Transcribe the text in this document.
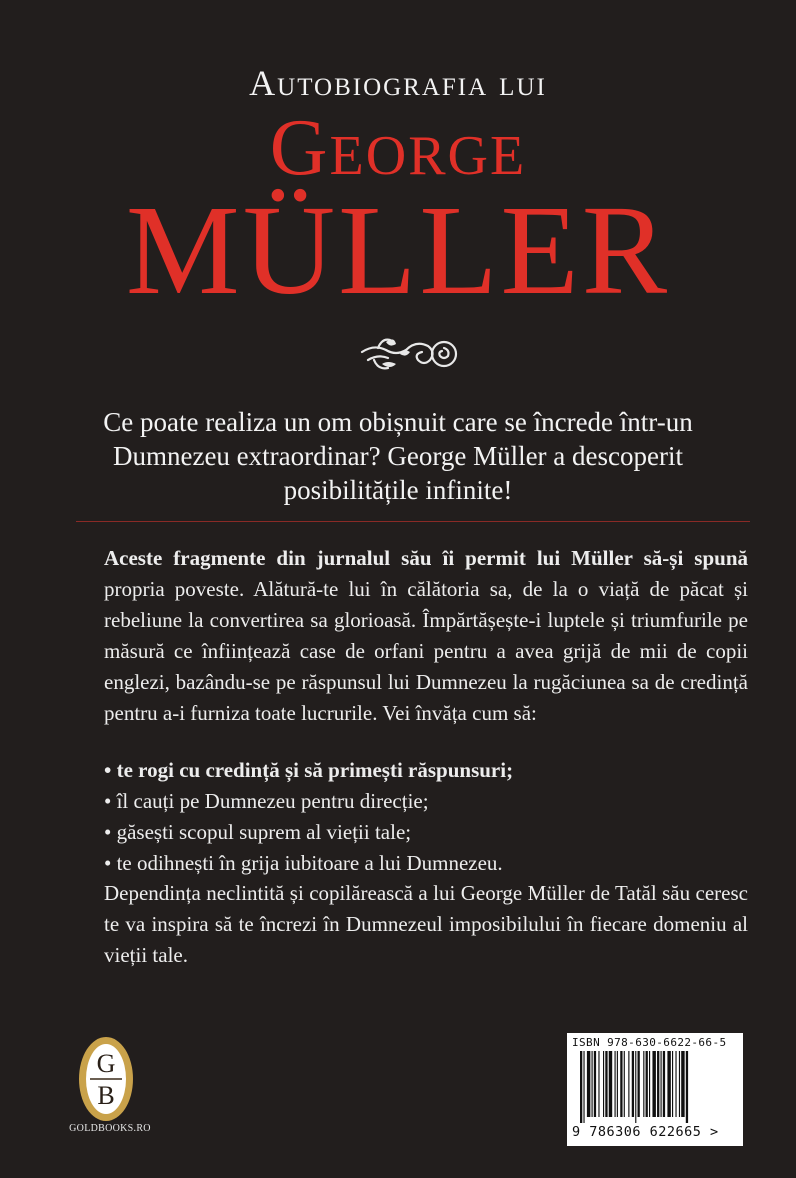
Autobiografia lui
George
MÜLLER
Ce poate realiza un om obișnuit care se încrede într-un Dumnezeu extraordinar? George Müller a descoperit posibilitățile infinite!

Aceste fragmente din jurnalul său îi permit lui Müller să-și spună propria poveste. Alătură-te lui în călătoria sa, de la o viață de păcat și rebeliune la convertirea sa glorioasă. Împărtășește-i luptele și triumfurile pe măsură ce înființează case de orfani pentru a avea grijă de mii de copii englezi, bazându-se pe răspunsul lui Dumnezeu la rugăciunea sa de credință pentru a-i furniza toate lucrurile. Vei învăța cum să:

• te rogi cu credință și să primești răspunsuri;
• îl cauți pe Dumnezeu pentru direcție;
• găsești scopul suprem al vieții tale;
• te odihnești în grija iubitoare a lui Dumnezeu.

Dependința neclintită și copilărească a lui George Müller de Tatăl său ceresc te va inspira să te încrezi în Dumnezeul imposibilului în fiecare domeniu al vieții tale.

G
B
GOLDBOOKS.RO
ISBN 978-630-6622-66-5
9 786306 622665 >
